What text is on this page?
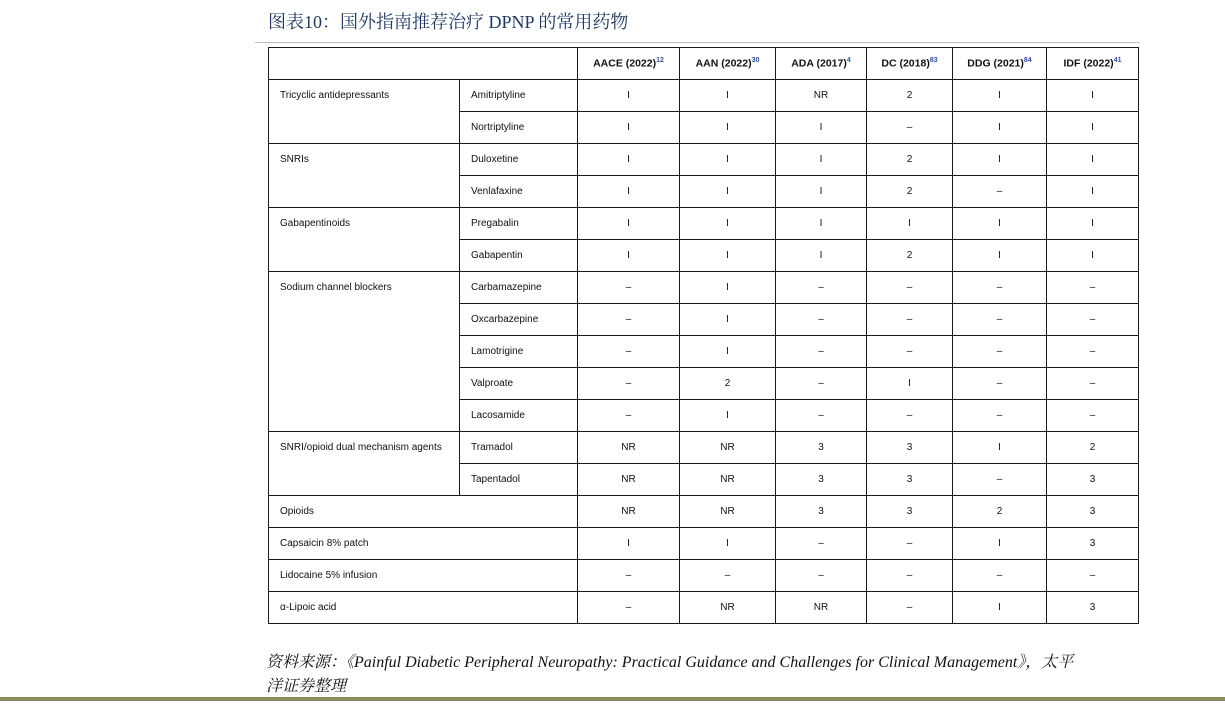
图表10：国外指南推荐治疗 DPNP 的常用药物
		AACE $(2022)^{12}$	AAN $(2022)^{30}$	ADA $(2017)^4$	DC $(2018)^{83}$	DDG $(2021)^{84}$	IDF $(2022)^{41}$
Tricyclic antidepressants	Amitriptyline	I	I	NR	2	I	I
	Nortriptyline	I	I	I	–	I	I
SNRIs	Duloxetine	I	I	I	2	I	I
	Venlafaxine	I	I	I	2	–	I
Gabapentinoids	Pregabalin	I	I	I	I	I	I
	Gabapentin	I	I	I	2	I	I
Sodium channel blockers	Carbamazepine	–	I	–	–	–	–
	Oxcarbazepine	–	I	–	–	–	–
	Lamotrigine	–	I	–	–	–	–
	Valproate	–	2	–	I	–	–
	Lacosamide	–	I	–	–	–	–
SNRI/opioid dual mechanism agents	Tramadol	NR	NR	3	3	I	2
	Tapentadol	NR	NR	3	3	–	3
Opioids		NR	NR	3	3	2	3
Capsaicin 8% patch		I	I	–	–	I	3
Lidocaine 5% infusion		–	–	–	–	–	–
α-Lipoic acid		–	NR	NR	–	I	3
资料来源：《Painful Diabetic Peripheral Neuropathy: Practical Guidance and Challenges for Clinical Management》，太平洋证券整理
